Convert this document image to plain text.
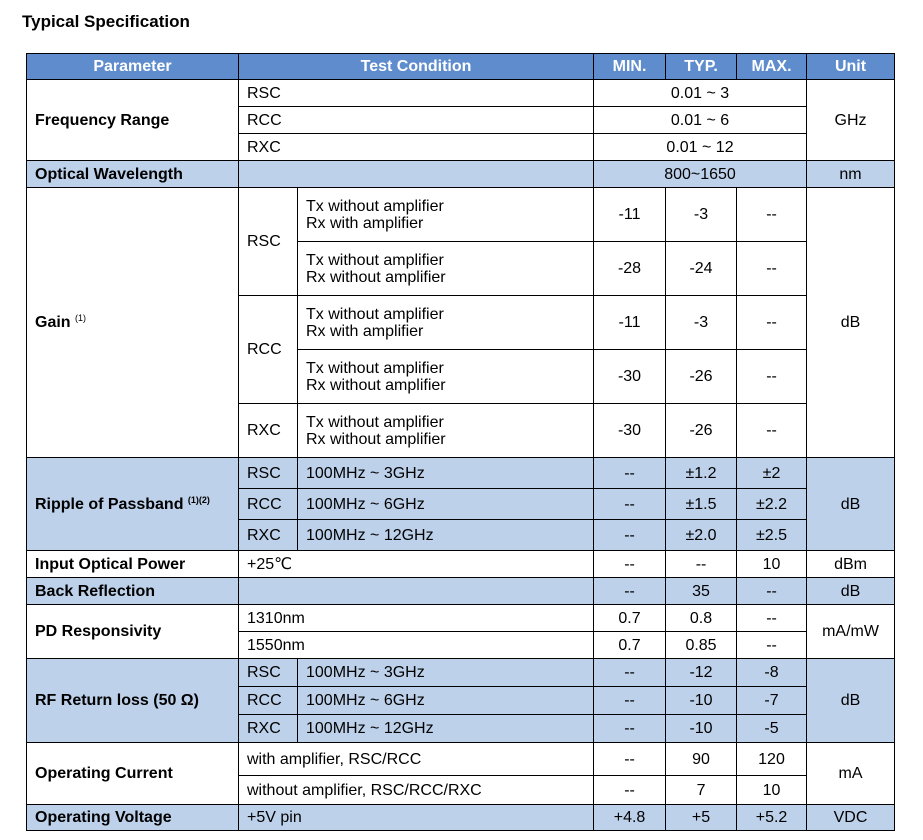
Typical Specification
Parameter	Test Condition		MIN.	TYP.	MAX.	Unit
Frequency Range	RSC		0.01 ~ 3			GHz
	RCC		0.01 ~ 6			
	RXC		0.01 ~ 12			
Optical Wavelength			800~1650			nm
Gain $^{(1)}$	RSC	Tx without amplifier
Rx with amplifier	-11	-3	--	dB
		Tx without amplifier
Rx without amplifier	-28	-24	--	
	RCC	Tx without amplifier
Rx with amplifier	-11	-3	--	
		Tx without amplifier
Rx without amplifier	-30	-26	--	
	RXC	Tx without amplifier
Rx without amplifier	-30	-26	--	
Ripple of Passband $^{(1)(2)}$	RSC	100MHz ~ 3GHz	--	±1.2	±2	dB
	RCC	100MHz ~ 6GHz	--	±1.5	±2.2	
	RXC	100MHz ~ 12GHz	--	±2.0	±2.5	
Input Optical Power	+25℃		--	--	10	dBm
Back Reflection			--	35	--	dB
PD Responsivity	1310nm		0.7	0.8	--	mA/mW
	1550nm		0.7	0.85	--	
RF Return loss (50 Ω)	RSC	100MHz ~ 3GHz	--	-12	-8	dB
	RCC	100MHz ~ 6GHz	--	-10	-7	
	RXC	100MHz ~ 12GHz	--	-10	-5	
Operating Current	with amplifier, RSC/RCC		--	90	120	mA
	without amplifier, RSC/RCC/RXC		--	7	10	
Operating Voltage	+5V pin		+4.8	+5	+5.2	VDC
